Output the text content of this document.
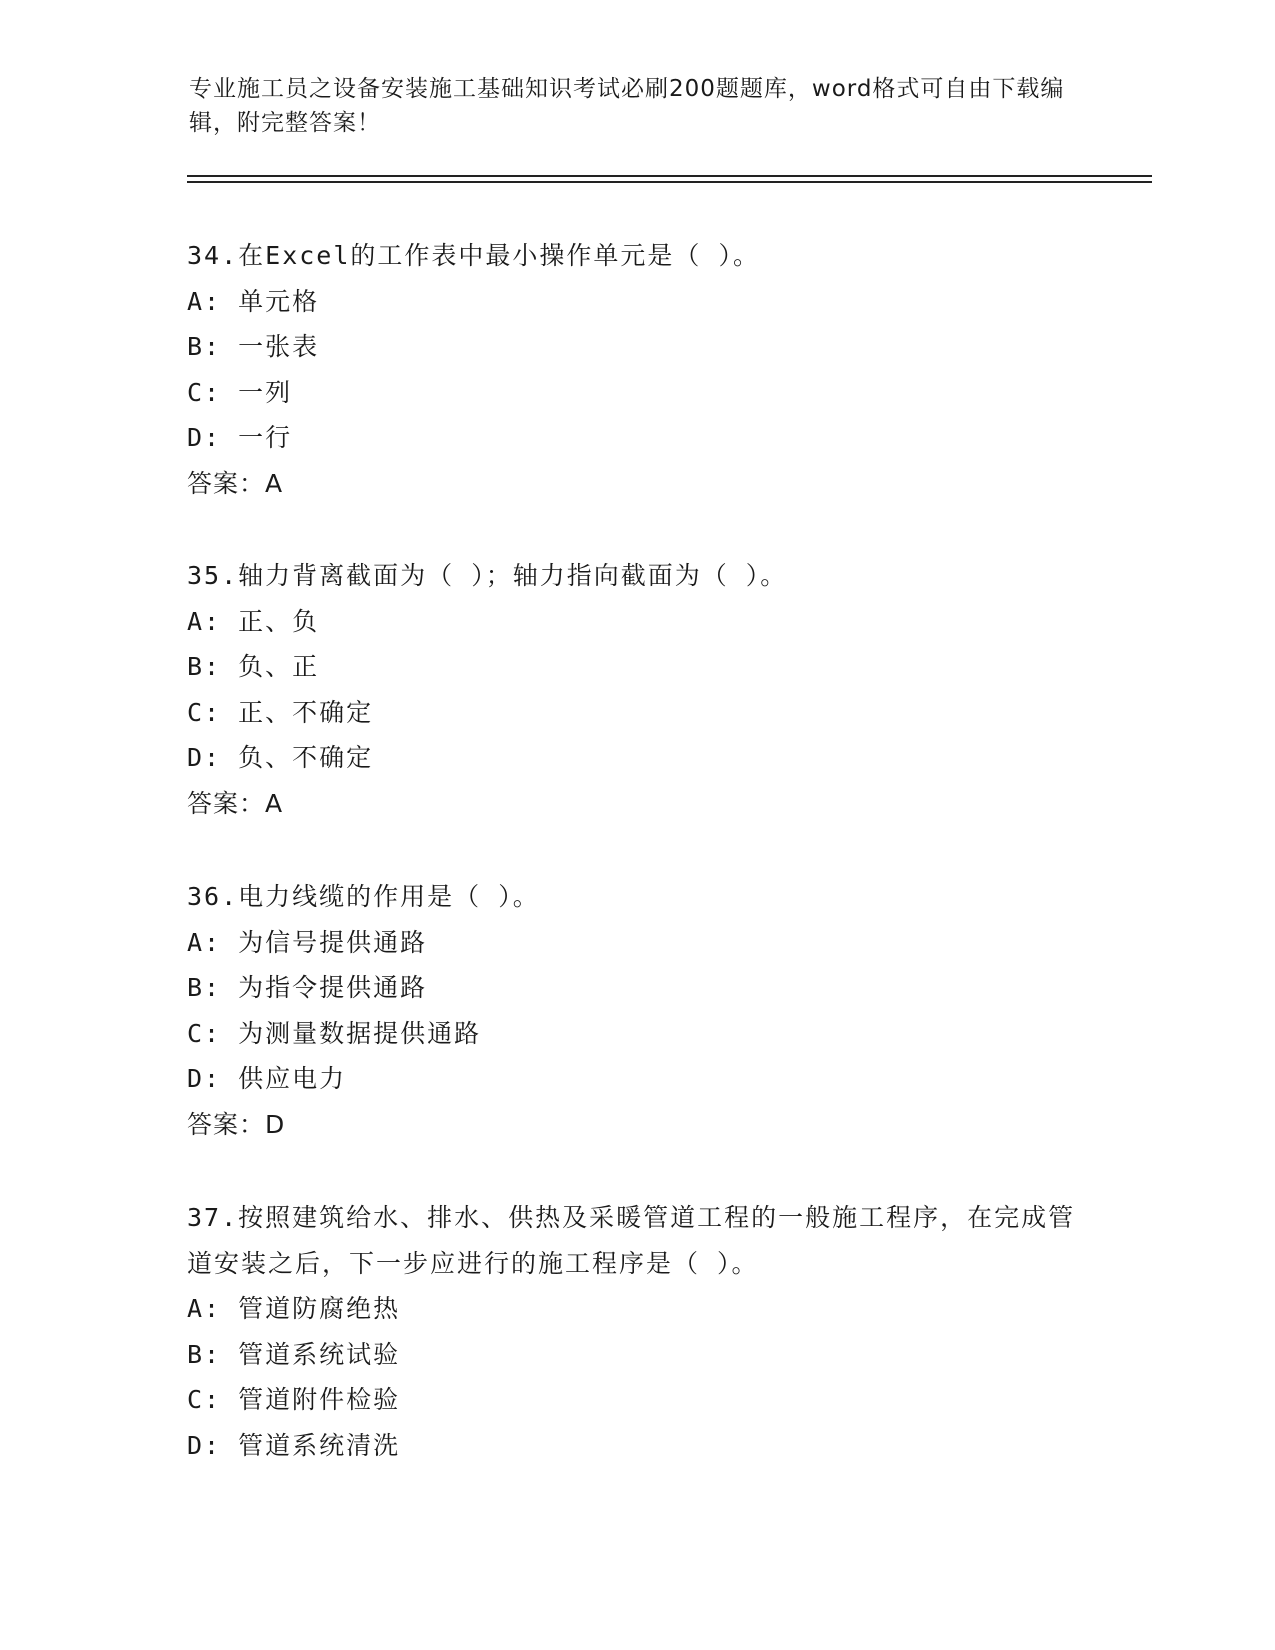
专业施工员之设备安装施工基础知识考试必刷200题题库，word格式可自由下载编辑，附完整答案！
34.在Excel的工作表中最小操作单元是（ ）。
A: 单元格
B: 一张表
C: 一列
D: 一行
答案：A
35.轴力背离截面为（ ）；轴力指向截面为（ ）。
A: 正、负
B: 负、正
C: 正、不确定
D: 负、不确定
答案：A
36.电力线缆的作用是（ ）。
A: 为信号提供通路
B: 为指令提供通路
C: 为测量数据提供通路
D: 供应电力
答案：D
37.按照建筑给水、排水、供热及采暖管道工程的一般施工程序，在完成管道安装之后，下一步应进行的施工程序是（ ）。
A: 管道防腐绝热
B: 管道系统试验
C: 管道附件检验
D: 管道系统清洗
